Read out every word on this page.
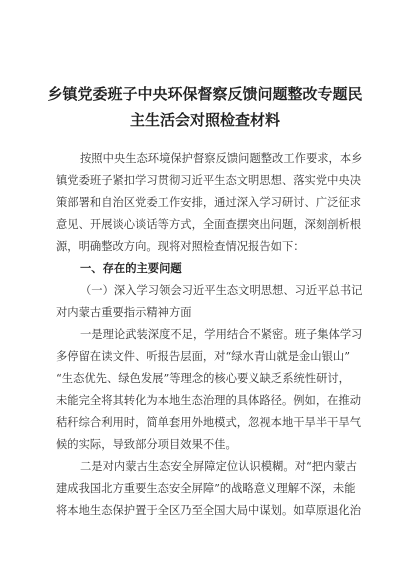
乡镇党委班子中央环保督察反馈问题整改专题民
主生活会对照检查材料
按照中央生态环境保护督察反馈问题整改工作要求，本乡
镇党委班子紧扣学习贯彻习近平生态文明思想、落实党中央决
策部署和自治区党委工作安排，通过深入学习研讨、广泛征求
意见、开展谈心谈话等方式，全面查摆突出问题，深刻剖析根
源，明确整改方向。现将对照检查情况报告如下：
一、存在的主要问题
（一）深入学习领会习近平生态文明思想、习近平总书记
对内蒙古重要指示精神方面
一是理论武装深度不足，学用结合不紧密。班子集体学习
多停留在读文件、听报告层面，对“绿水青山就是金山银山”
“生态优先、绿色发展”等理念的核心要义缺乏系统性研讨，
未能完全将其转化为本地生态治理的具体路径。例如，在推动
秸秆综合利用时，简单套用外地模式，忽视本地干旱半干旱气
候的实际，导致部分项目效果不佳。
二是对内蒙古生态安全屏障定位认识模糊。对“把内蒙古
建成我国北方重要生态安全屏障”的战略意义理解不深，未能
将本地生态保护置于全区乃至全国大局中谋划。如草原退化治
